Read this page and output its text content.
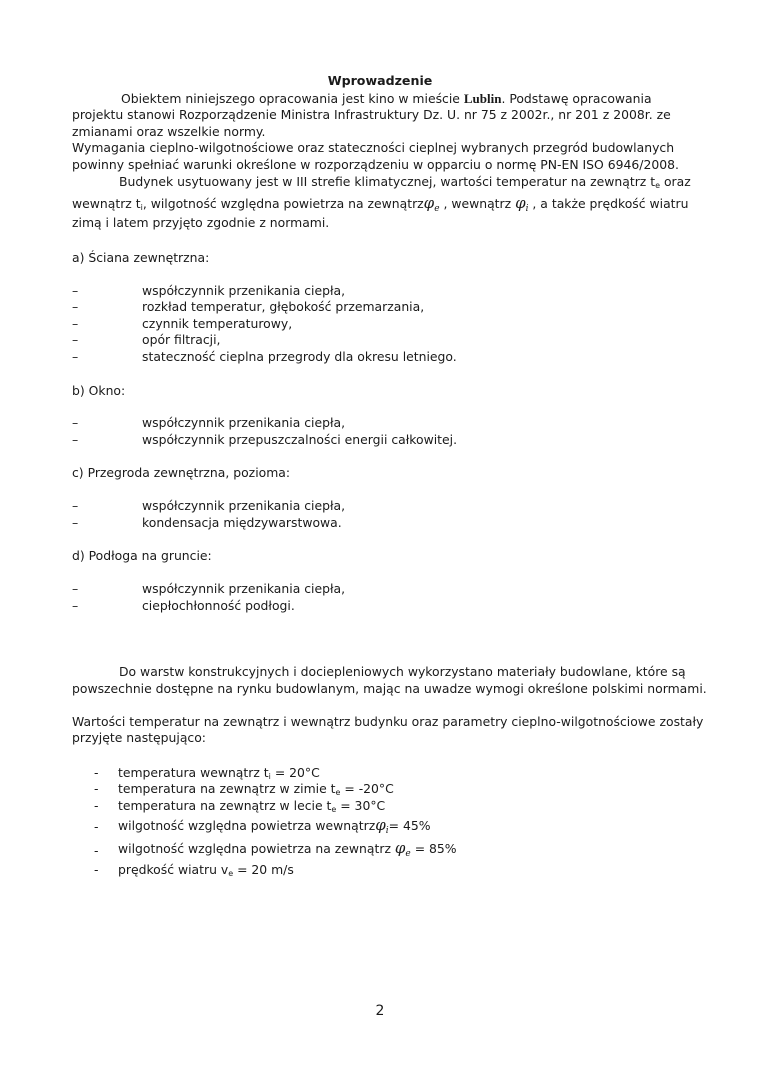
Wprowadzenie
Obiektem niniejszego opracowania jest kino w mieście Lublin. Podstawę opracowania
projektu stanowi Rozporządzenie Ministra Infrastruktury Dz. U. nr 75 z 2002r., nr 201 z 2008r. ze
zmianami oraz wszelkie normy.
Wymagania cieplno-wilgotnościowe oraz stateczności cieplnej wybranych przegród budowlanych
powinny spełniać warunki określone w rozporządzeniu w opparciu o normę PN-EN ISO 6946/2008.
Budynek usytuowany jest w III strefie klimatycznej, wartości temperatur na zewnątrz $t_e$ oraz
wewnątrz $t_i$, wilgotność względna powietrza na zewnątrzφ$_e$ , wewnątrz $\varphi_i$ , a także prędkość wiatru
zimą i latem przyjęto zgodnie z normami.
a) Ściana zewnętrzna:
–	współczynnik przenikania ciepła,
–	rozkład temperatur, głębokość przemarzania,
–	czynnik temperaturowy,
–	opór filtracji,
–	stateczność cieplna przegrody dla okresu letniego.
b) Okno:
–	współczynnik przenikania ciepła,
–	współczynnik przepuszczalności energii całkowitej.
c) Przegroda zewnętrzna, pozioma:
–	współczynnik przenikania ciepła,
–	kondensacja międzywarstwowa.
d) Podłoga na gruncie:
–	współczynnik przenikania ciepła,
–	ciepłochłonność podłogi.
Do warstw konstrukcyjnych i dociepleniowych wykorzystano materiały budowlane, które są
powszechnie dostępne na rynku budowlanym, mając na uwadze wymogi określone polskimi normami.
Wartości temperatur na zewnątrz i wewnątrz budynku oraz parametry cieplno-wilgotnościowe zostały
przyjęte następująco:
- temperatura wewnątrz $t_i = 20^\circ C$
- temperatura na zewnątrz w zimie $t_e = -20^\circ C$
- temperatura na zewnątrz w lecie $t_e = 30^\circ C$
- wilgotność względna powietrza wewnątrzφ$_i$= 45%
- wilgotność względna powietrza na zewnątrz $\varphi_e = 85\%$
- prędkość wiatru $v_e = 20$ m/s
2
